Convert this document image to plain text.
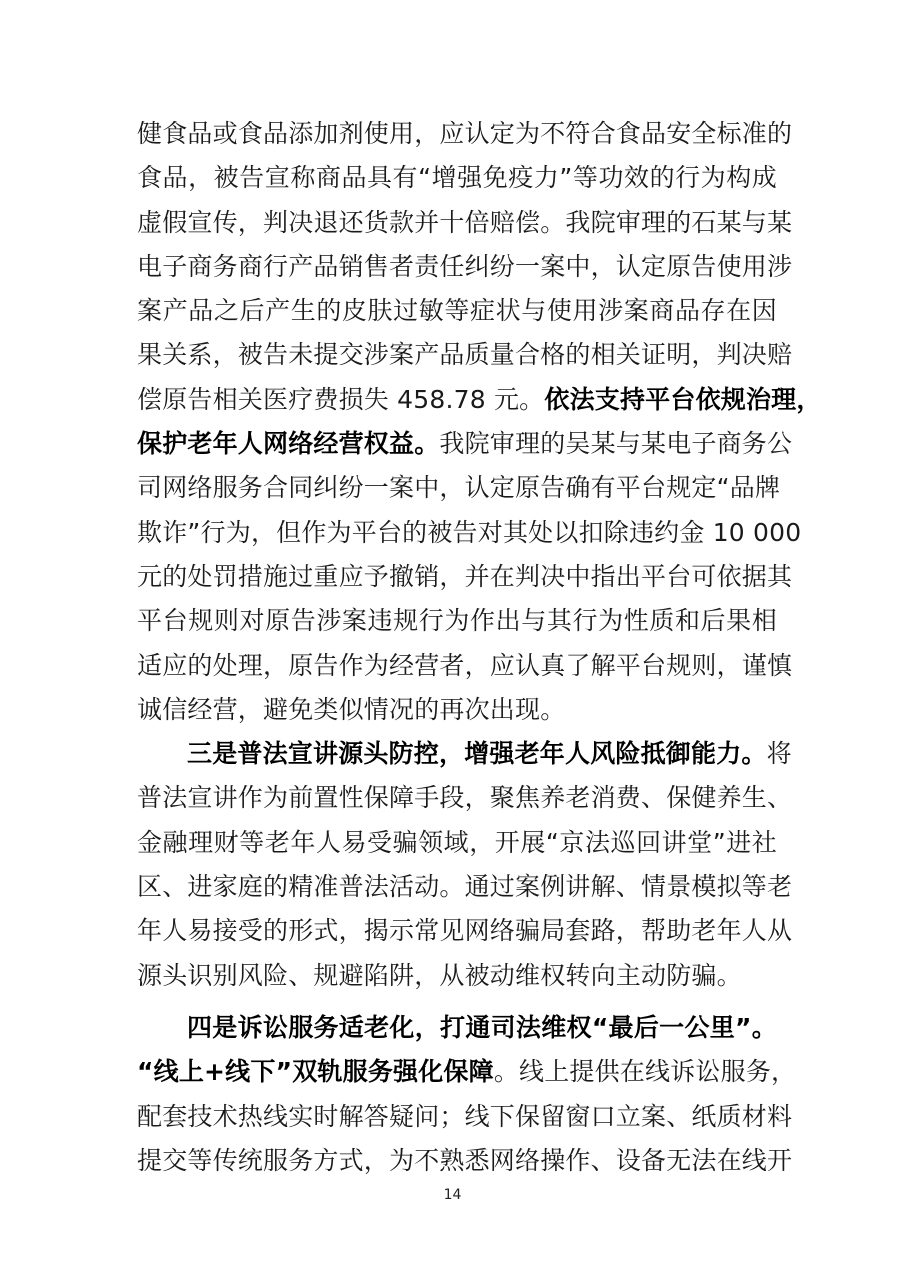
健食品或食品添加剂使用，应认定为不符合食品安全标准的
食品，被告宣称商品具有“增强免疫力”等功效的行为构成
虚假宣传，判决退还货款并十倍赔偿。我院审理的石某与某
电子商务商行产品销售者责任纠纷一案中，认定原告使用涉
案产品之后产生的皮肤过敏等症状与使用涉案商品存在因
果关系，被告未提交涉案产品质量合格的相关证明，判决赔
偿原告相关医疗费损失 458.78 元。依法支持平台依规治理，
保护老年人网络经营权益。我院审理的吴某与某电子商务公
司网络服务合同纠纷一案中，认定原告确有平台规定“品牌
欺诈”行为，但作为平台的被告对其处以扣除违约金 10 000
元的处罚措施过重应予撤销，并在判决中指出平台可依据其
平台规则对原告涉案违规行为作出与其行为性质和后果相
适应的处理，原告作为经营者，应认真了解平台规则，谨慎
诚信经营，避免类似情况的再次出现。
三是普法宣讲源头防控，增强老年人风险抵御能力。将
普法宣讲作为前置性保障手段，聚焦养老消费、保健养生、
金融理财等老年人易受骗领域，开展“京法巡回讲堂”进社
区、进家庭的精准普法活动。通过案例讲解、情景模拟等老
年人易接受的形式，揭示常见网络骗局套路，帮助老年人从
源头识别风险、规避陷阱，从被动维权转向主动防骗。
四是诉讼服务适老化，打通司法维权“最后一公里”。
“线上+线下”双轨服务强化保障。线上提供在线诉讼服务，
配套技术热线实时解答疑问；线下保留窗口立案、纸质材料
提交等传统服务方式，为不熟悉网络操作、设备无法在线开
14
